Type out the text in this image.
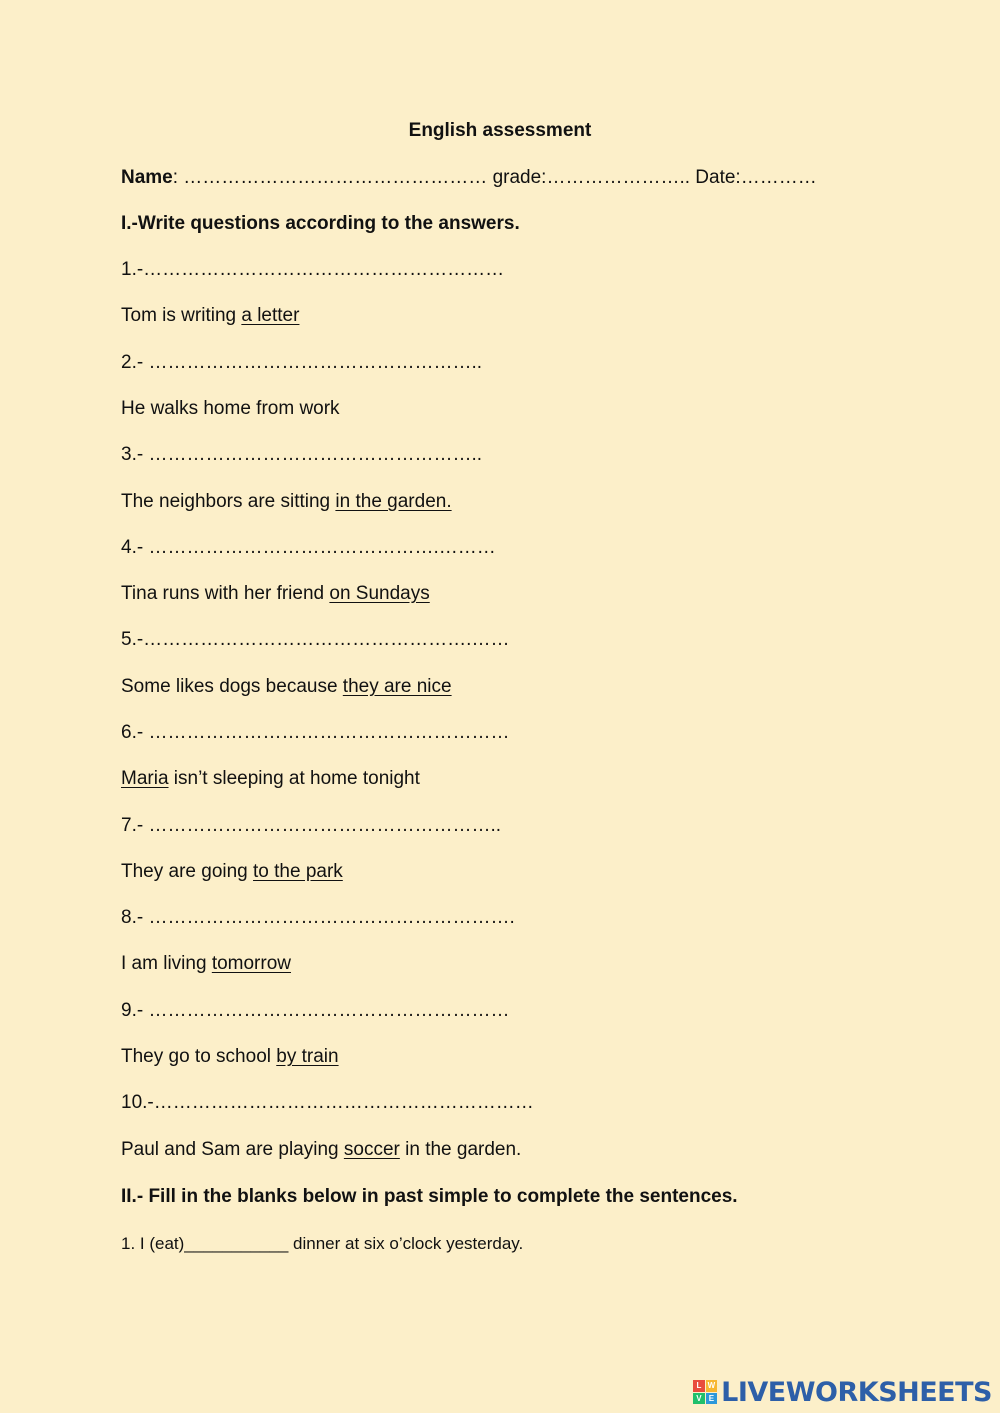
English assessment
Name: ………………………………………… grade:………………….. Date:…………
I.-Write questions according to the answers.
1.-…………………………………………………
Tom is writing a letter
2.- ……………………………………………..
He walks home from work
3.- ……………………………………………..
The neighbors are sitting in the garden.
4.- ……………………………………….………
Tina runs with her friend on Sundays
5.-…………………………………………….……
Some likes dogs because they are nice
6.- …………………………………………………
Maria isn’t sleeping at home tonight
7.- ………………………………………………..
They are going to the park
8.- ………………………………………………….
I am living tomorrow
9.- …………………………………………………
They go to school by train
10.-……………………………………………………
Paul and Sam are playing soccer in the garden.
II.- Fill in the blanks below in past simple to complete the sentences.
1. I (eat)___________ dinner at six o’clock yesterday.
L W
V E LIVEWORKSHEETS
